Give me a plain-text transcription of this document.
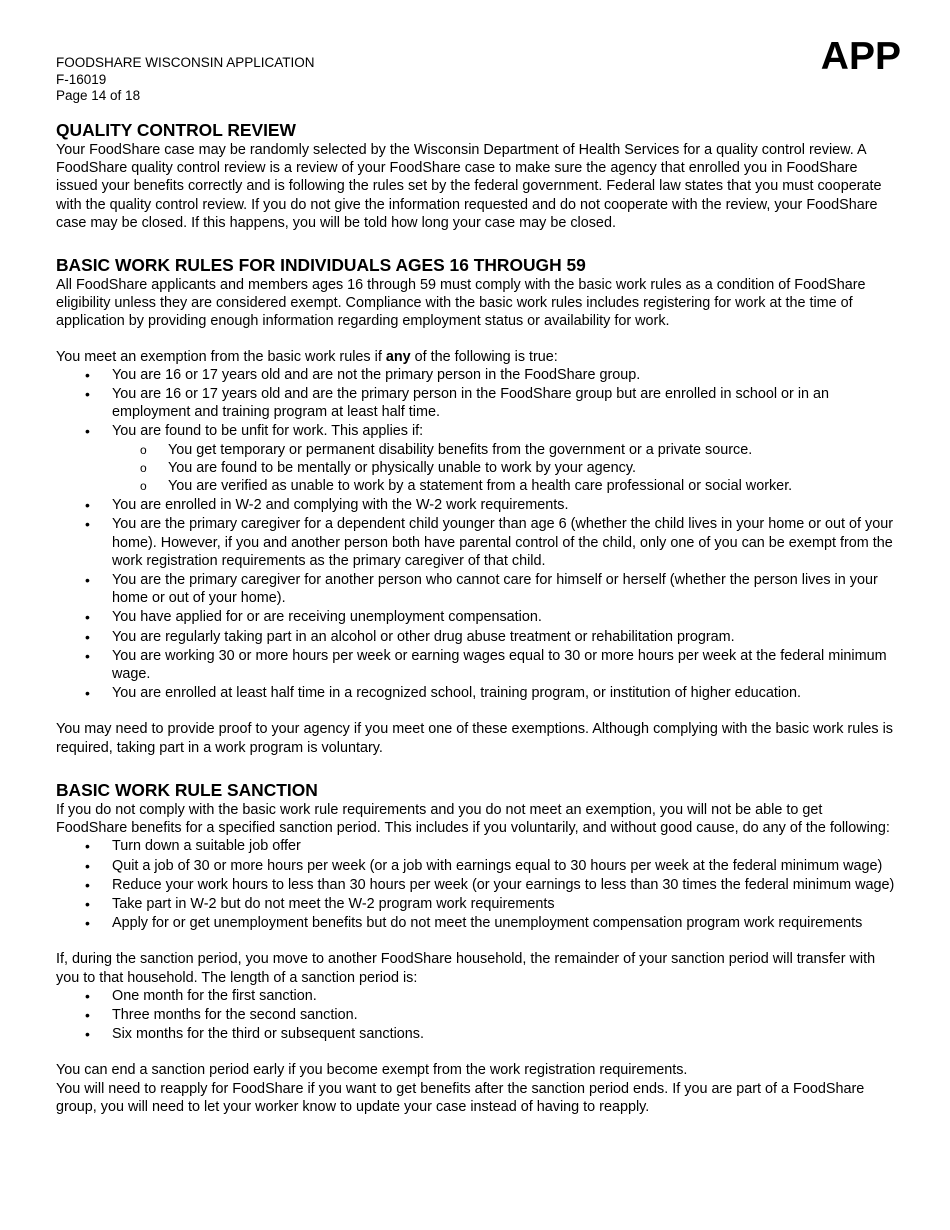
FOODSHARE WISCONSIN APPLICATION
F-16019
Page 14 of 18
APP
QUALITY CONTROL REVIEW

Your FoodShare case may be randomly selected by the Wisconsin Department of Health Services for a quality control review. A FoodShare quality control review is a review of your FoodShare case to make sure the agency that enrolled you in FoodShare issued your benefits correctly and is following the rules set by the federal government. Federal law states that you must cooperate with the quality control review. If you do not give the information requested and do not cooperate with the review, your FoodShare case may be closed. If this happens, you will be told how long your case may be closed.

BASIC WORK RULES FOR INDIVIDUALS AGES 16 THROUGH 59

All FoodShare applicants and members ages 16 through 59 must comply with the basic work rules as a condition of FoodShare eligibility unless they are considered exempt. Compliance with the basic work rules includes registering for work at the time of application by providing enough information regarding employment status or availability for work.

You meet an exemption from the basic work rules if any of the following is true:

• You are 16 or 17 years old and are not the primary person in the FoodShare group.
• You are 16 or 17 years old and are the primary person in the FoodShare group but are enrolled in school or in an employment and training program at least half time.
• You are found to be unfit for work. This applies if:
o You get temporary or permanent disability benefits from the government or a private source.
o You are found to be mentally or physically unable to work by your agency.
o You are verified as unable to work by a statement from a health care professional or social worker.
• You are enrolled in W-2 and complying with the W-2 work requirements.
• You are the primary caregiver for a dependent child younger than age 6 (whether the child lives in your home or out of your home). However, if you and another person both have parental control of the child, only one of you can be exempt from the work registration requirements as the primary caregiver of that child.
• You are the primary caregiver for another person who cannot care for himself or herself (whether the person lives in your home or out of your home).
• You have applied for or are receiving unemployment compensation.
• You are regularly taking part in an alcohol or other drug abuse treatment or rehabilitation program.
• You are working 30 or more hours per week or earning wages equal to 30 or more hours per week at the federal minimum wage.
• You are enrolled at least half time in a recognized school, training program, or institution of higher education.

You may need to provide proof to your agency if you meet one of these exemptions. Although complying with the basic work rules is required, taking part in a work program is voluntary.

BASIC WORK RULE SANCTION

If you do not comply with the basic work rule requirements and you do not meet an exemption, you will not be able to get FoodShare benefits for a specified sanction period. This includes if you voluntarily, and without good cause, do any of the following:

• Turn down a suitable job offer
• Quit a job of 30 or more hours per week (or a job with earnings equal to 30 hours per week at the federal minimum wage)
• Reduce your work hours to less than 30 hours per week (or your earnings to less than 30 times the federal minimum wage)
• Take part in W-2 but do not meet the W-2 program work requirements
• Apply for or get unemployment benefits but do not meet the unemployment compensation program work requirements

If, during the sanction period, you move to another FoodShare household, the remainder of your sanction period will transfer with you to that household. The length of a sanction period is:

• One month for the first sanction.
• Three months for the second sanction.
• Six months for the third or subsequent sanctions.

You can end a sanction period early if you become exempt from the work registration requirements.

You will need to reapply for FoodShare if you want to get benefits after the sanction period ends. If you are part of a FoodShare group, you will need to let your worker know to update your case instead of having to reapply.
